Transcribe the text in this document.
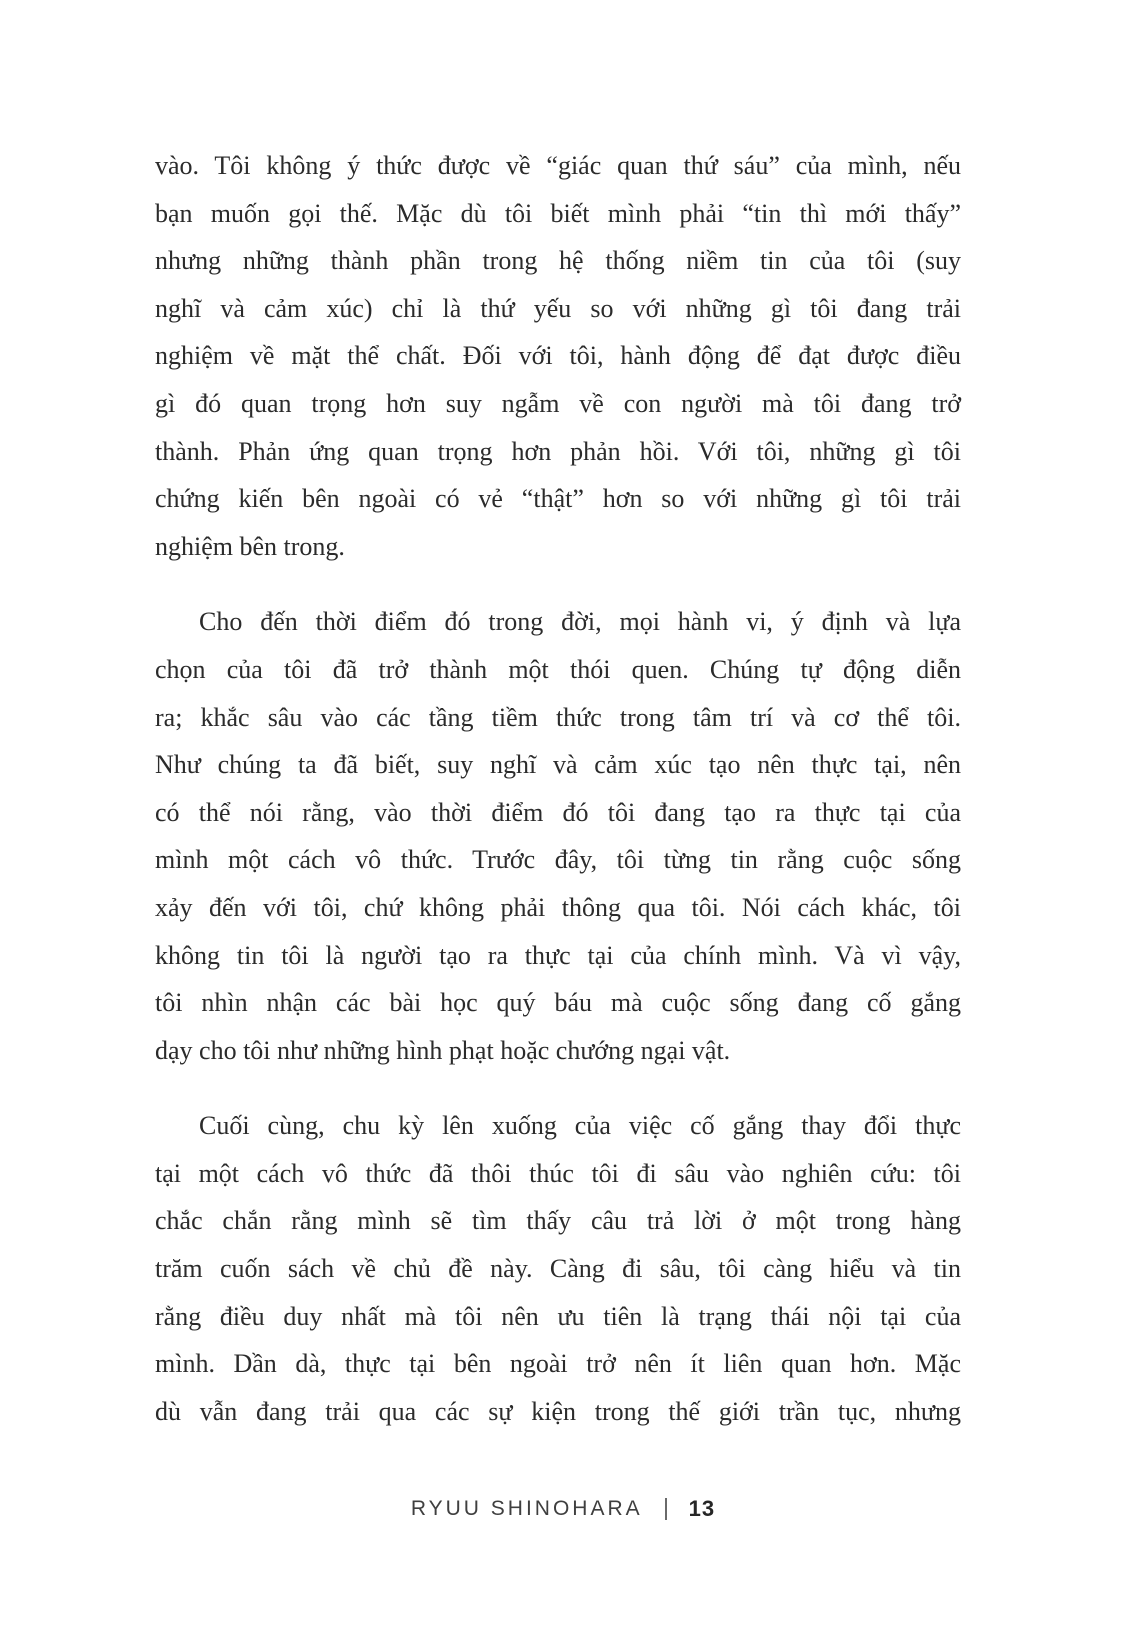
vào. Tôi không ý thức được về “giác quan thứ sáu” của mình, nếu
bạn muốn gọi thế. Mặc dù tôi biết mình phải “tin thì mới thấy”
nhưng những thành phần trong hệ thống niềm tin của tôi (suy
nghĩ và cảm xúc) chỉ là thứ yếu so với những gì tôi đang trải
nghiệm về mặt thể chất. Đối với tôi, hành động để đạt được điều
gì đó quan trọng hơn suy ngẫm về con người mà tôi đang trở
thành. Phản ứng quan trọng hơn phản hồi. Với tôi, những gì tôi
chứng kiến bên ngoài có vẻ “thật” hơn so với những gì tôi trải
nghiệm bên trong.
Cho đến thời điểm đó trong đời, mọi hành vi, ý định và lựa
chọn của tôi đã trở thành một thói quen. Chúng tự động diễn
ra; khắc sâu vào các tầng tiềm thức trong tâm trí và cơ thể tôi.
Như chúng ta đã biết, suy nghĩ và cảm xúc tạo nên thực tại, nên
có thể nói rằng, vào thời điểm đó tôi đang tạo ra thực tại của
mình một cách vô thức. Trước đây, tôi từng tin rằng cuộc sống
xảy đến với tôi, chứ không phải thông qua tôi. Nói cách khác, tôi
không tin tôi là người tạo ra thực tại của chính mình. Và vì vậy,
tôi nhìn nhận các bài học quý báu mà cuộc sống đang cố gắng
dạy cho tôi như những hình phạt hoặc chướng ngại vật.
Cuối cùng, chu kỳ lên xuống của việc cố gắng thay đổi thực
tại một cách vô thức đã thôi thúc tôi đi sâu vào nghiên cứu: tôi
chắc chắn rằng mình sẽ tìm thấy câu trả lời ở một trong hàng
trăm cuốn sách về chủ đề này. Càng đi sâu, tôi càng hiểu và tin
rằng điều duy nhất mà tôi nên ưu tiên là trạng thái nội tại của
mình. Dần dà, thực tại bên ngoài trở nên ít liên quan hơn. Mặc
dù vẫn đang trải qua các sự kiện trong thế giới trần tục, nhưng
RYUU SHINOHARA 13
